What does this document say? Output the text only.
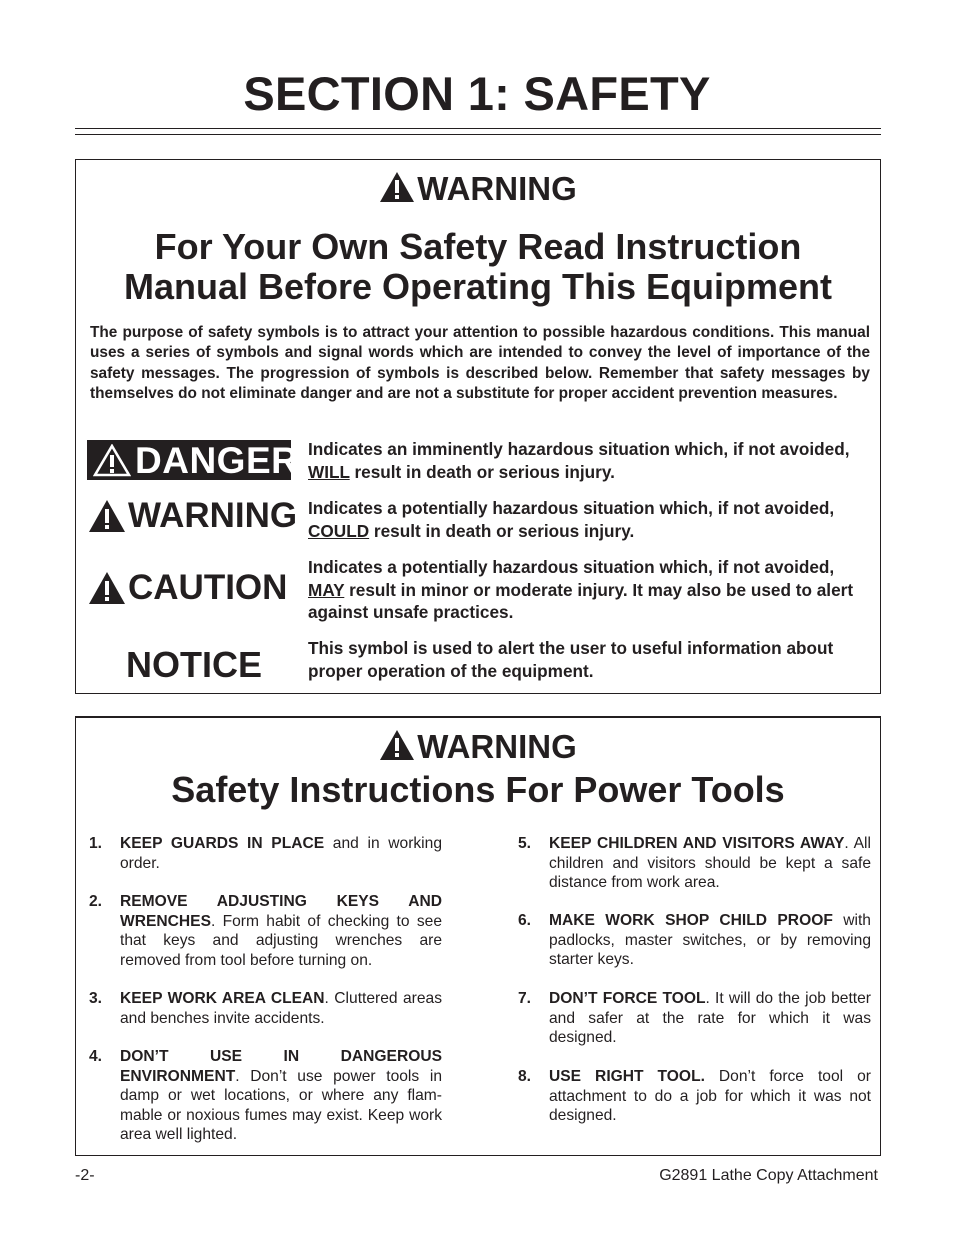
SECTION 1: SAFETY
WARNING
For Your Own Safety Read Instruction
Manual Before Operating This Equipment
The purpose of safety symbols is to attract your attention to possible hazardous conditions. This manual uses a series of symbols and signal words which are intended to convey the level of importance of the safety messages. The progression of symbols is described below. Remember that safety messages by themselves do not eliminate danger and are not a substitute for proper accident prevention measures.
DANGER Indicates an imminently hazardous situation which, if not avoided, WILL result in death or serious injury.
WARNING Indicates a potentially hazardous situation which, if not avoided, COULD result in death or serious injury.
CAUTION
Indicates a potentially hazardous situation which, if not avoided, MAY result in minor or moderate injury. It may also be used to alert against unsafe practices.
NOTICE	This symbol is used to alert the user to useful information about proper operation of the equipment.
WARNING
Safety Instructions For Power Tools
1. KEEP GUARDS IN PLACE and in working order.
2. REMOVE ADJUSTING KEYS AND WRENCHES. Form habit of checking to see that keys and adjusting wrenches are removed from tool before turning on.
3. KEEP WORK AREA CLEAN. Cluttered areas and benches invite accidents.
4. DON’T USE IN DANGEROUS ENVIRONMENT. Don’t use power tools in damp or wet locations, or where any flam-mable or noxious fumes may exist. Keep work area well lighted.
5. KEEP CHILDREN AND VISITORS AWAY. All children and visitors should be kept a safe distance from work area.
6. MAKE WORK SHOP CHILD PROOF with padlocks, master switches, or by removing starter keys.
7. DON’T FORCE TOOL. It will do the job better and safer at the rate for which it was designed.
8. USE RIGHT TOOL. Don’t force tool or attachment to do a job for which it was not designed.
-2-	G2891 Lathe Copy Attachment
